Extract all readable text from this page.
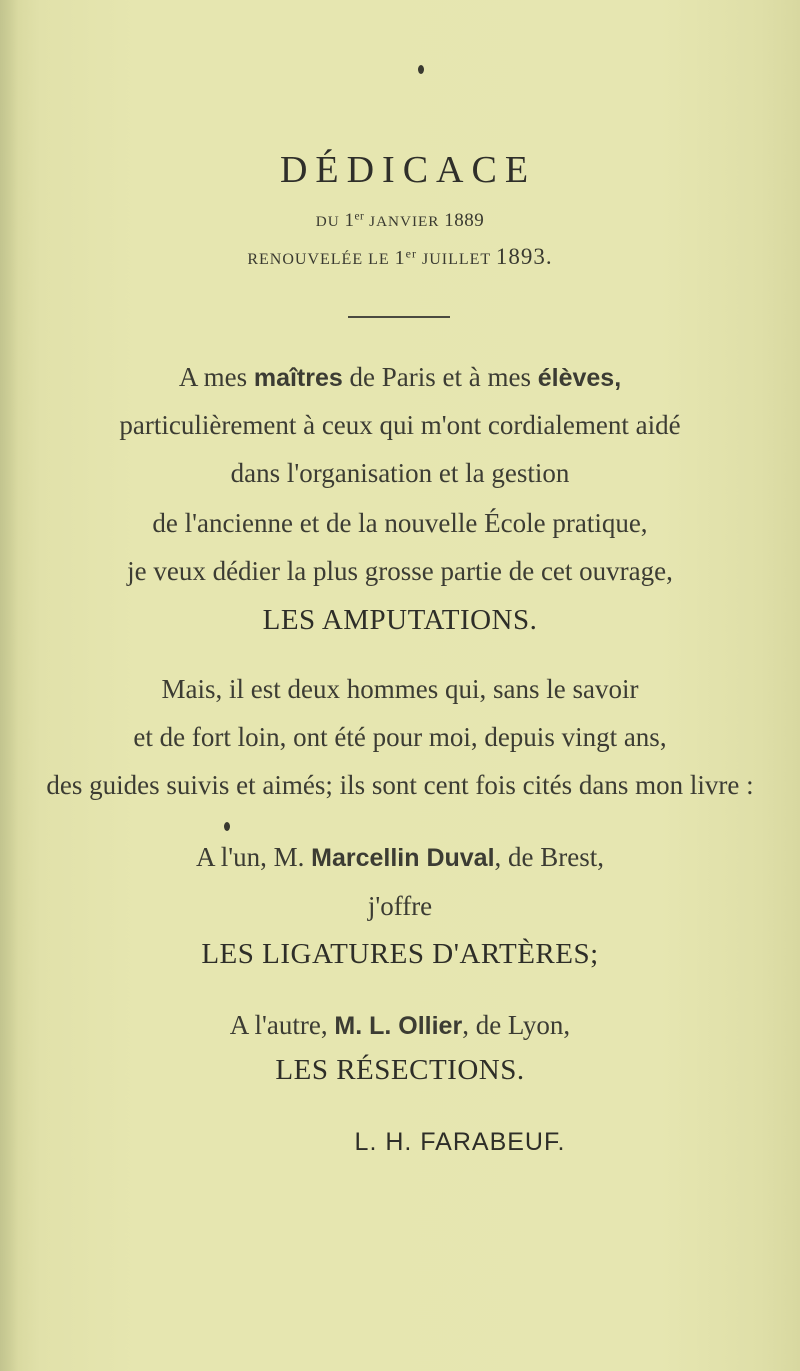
DÉDICACE
DU 1er JANVIER 1889
RENOUVELÉE LE 1er JUILLET 1893.
A mes maîtres de Paris et à mes élèves,
particulièrement à ceux qui m'ont cordialement aidé
dans l'organisation et la gestion
de l'ancienne et de la nouvelle École pratique,
je veux dédier la plus grosse partie de cet ouvrage,
LES AMPUTATIONS.
Mais, il est deux hommes qui, sans le savoir
et de fort loin, ont été pour moi, depuis vingt ans,
des guides suivis et aimés; ils sont cent fois cités dans mon livre :
A l'un, M. Marcellin Duval, de Brest,
j'offre
LES LIGATURES D'ARTÈRES;
A l'autre, M. L. Ollier, de Lyon,
LES RÉSECTIONS.
L. H. FARABEUF.
